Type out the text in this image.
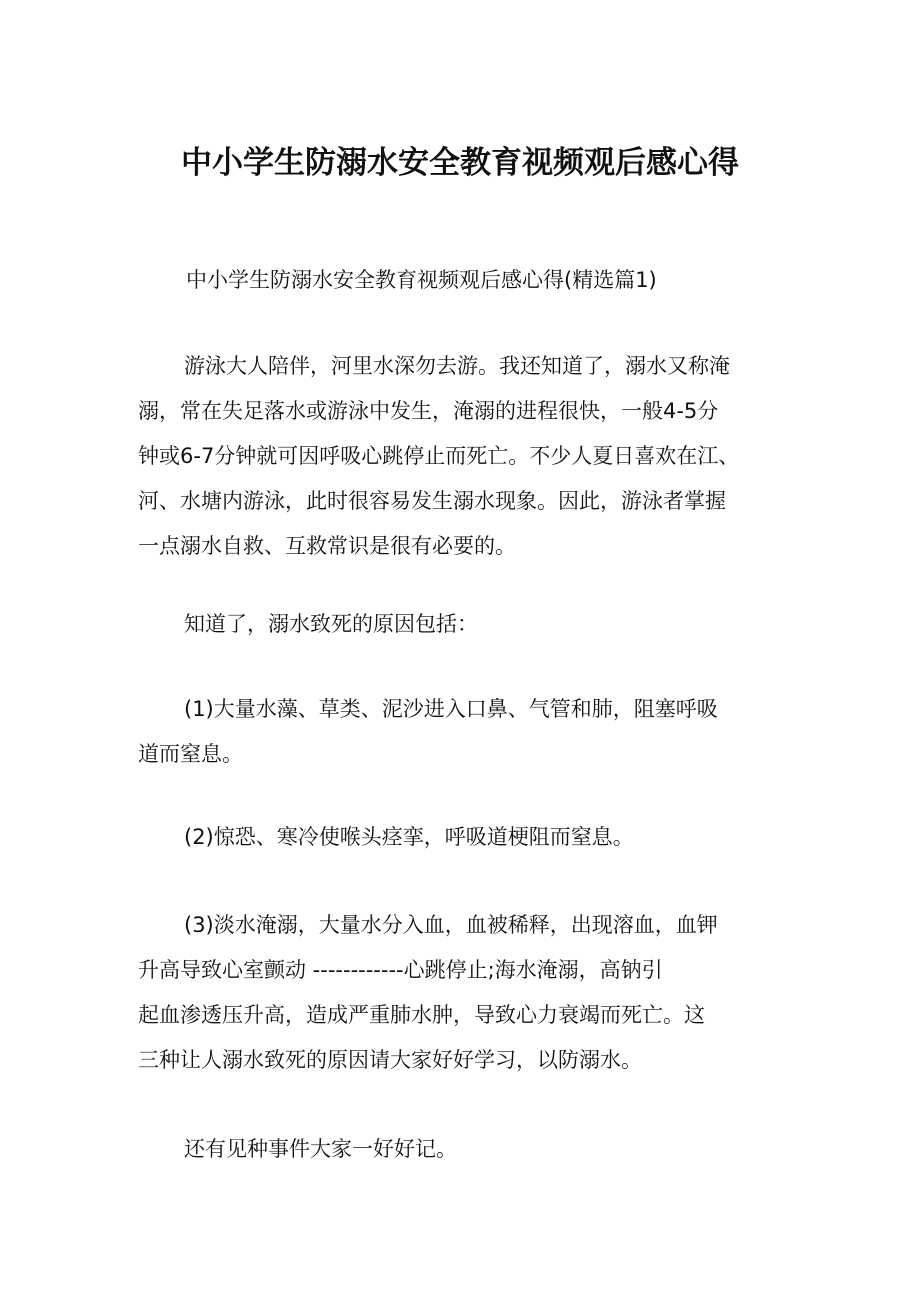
中小学生防溺水安全教育视频观后感心得
中小学生防溺水安全教育视频观后感心得(精选篇1)
游泳大人陪伴，河里水深勿去游。我还知道了，溺水又称淹
溺，常在失足落水或游泳中发生，淹溺的进程很快，一般4-5分
钟或6-7分钟就可因呼吸心跳停止而死亡。不少人夏日喜欢在江、
河、水塘内游泳，此时很容易发生溺水现象。因此，游泳者掌握
一点溺水自救、互救常识是很有必要的。
知道了，溺水致死的原因包括：
(1)大量水藻、草类、泥沙进入口鼻、气管和肺，阻塞呼吸
道而窒息。
(2)惊恐、寒冷使喉头痉挛，呼吸道梗阻而窒息。
(3)淡水淹溺，大量水分入血，血被稀释，出现溶血，血钾
升高导致心室颤动 ------------心跳停止;海水淹溺，高钠引
起血渗透压升高，造成严重肺水肿，导致心力衰竭而死亡。这
三种让人溺水致死的原因请大家好好学习，以防溺水。
还有见种事件大家一好好记。
